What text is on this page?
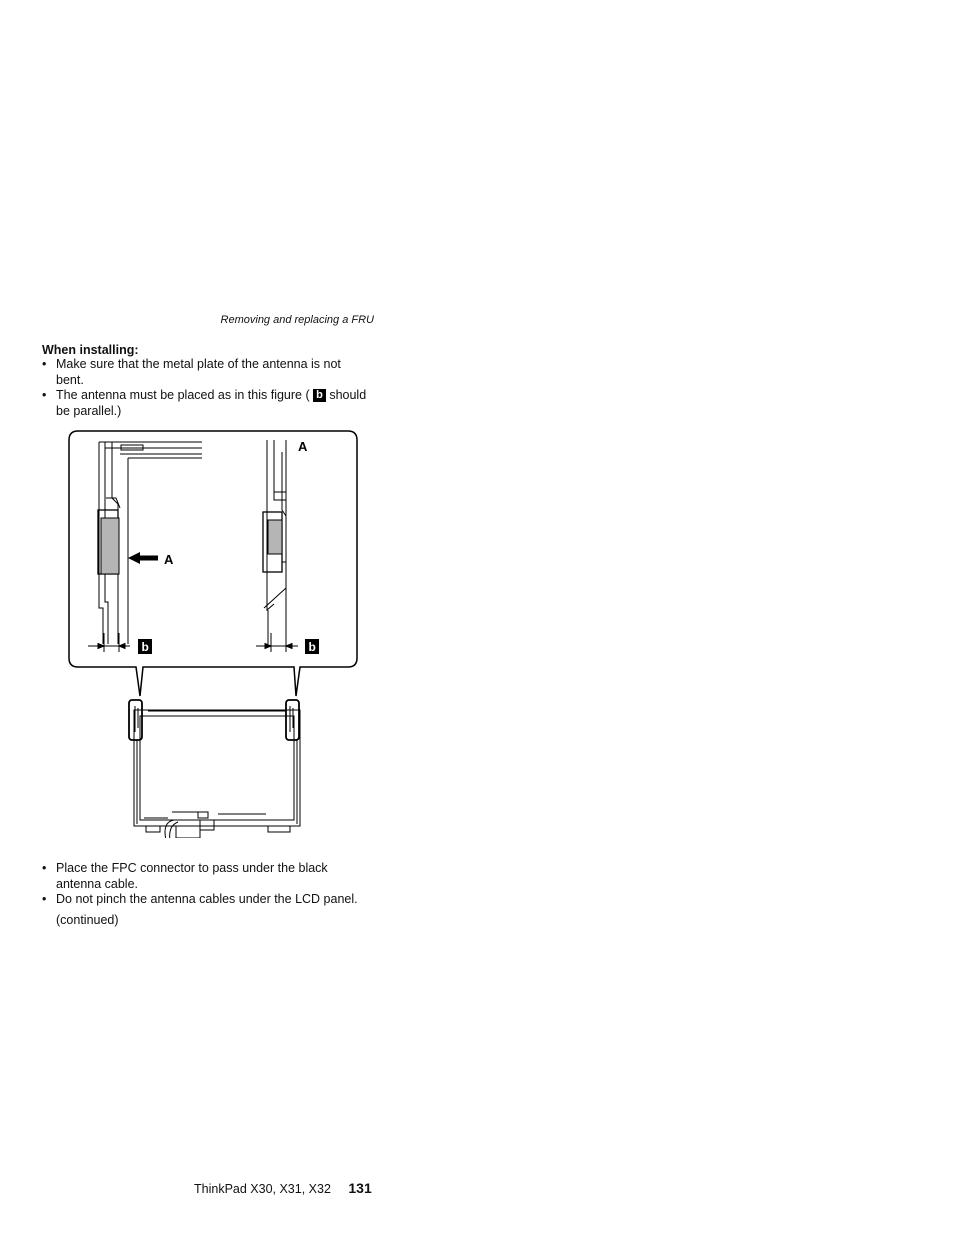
Removing and replacing a FRU
When installing:

• Make sure that the metal plate of the antenna is not bent.

• The antenna must be placed as in this figure ( b should be parallel.)

A
A
b	b

• Place the FPC connector to pass under the black antenna cable.

• Do not pinch the antenna cables under the LCD panel.

(continued)
ThinkPad X30, X31, X32 131
